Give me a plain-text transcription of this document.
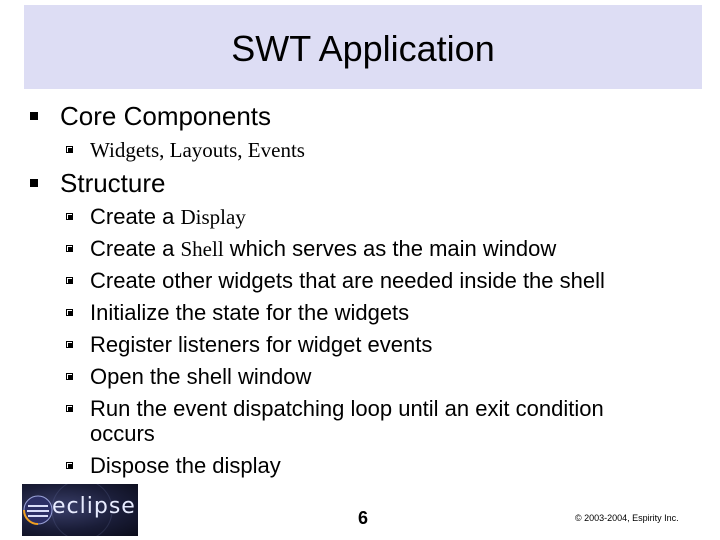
SWT Application
Core Components
Widgets, Layouts, Events
Structure
Create a Display
Create a Shell which serves as the main window
Create other widgets that are needed inside the shell
Initialize the state for the widgets
Register listeners for widget events
Open the shell window
Run the event dispatching loop until an exit condition occurs
Dispose the display
eclipse	6	© 2003-2004, Espirity Inc.
